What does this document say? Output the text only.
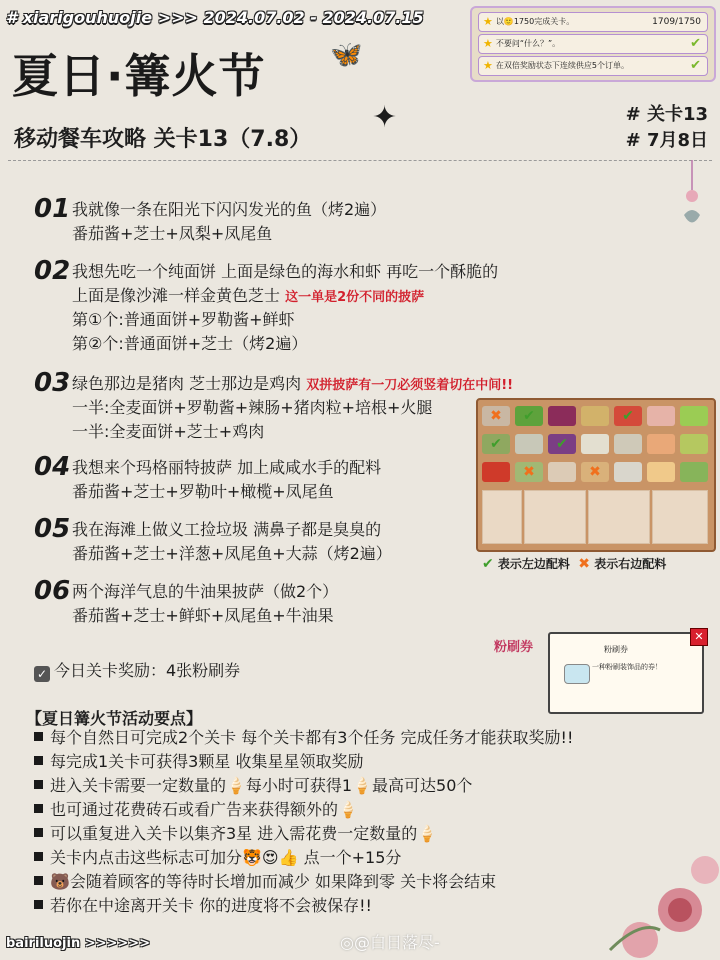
# xiarigouhuojie >>> 2024.07.02 - 2024.07.15
夏日·篝火节
移动餐车攻略 关卡13（7.8）
# 关卡13
# 7月8日
🦋
✦
★ 以🙂1750完成关卡。	1709/1750
★ 不要问“什么？”。	✔
★ 在双倍奖励状态下连续供应5个订单。	✔
01 我就像一条在阳光下闪闪发光的鱼（烤2遍）
番茄酱+芝士+凤梨+凤尾鱼
02 我想先吃一个纯面饼 上面是绿色的海水和虾 再吃一个酥脆的
上面是像沙滩一样金黄色芝士 这一单是2份不同的披萨
第①个:普通面饼+罗勒酱+鲜虾
第②个:普通面饼+芝士（烤2遍）
03 绿色那边是猪肉 芝士那边是鸡肉 双拼披萨有一刀必须竖着切在中间!!
一半:全麦面饼+罗勒酱+辣肠+猪肉粒+培根+火腿
一半:全麦面饼+芝士+鸡肉
04 我想来个玛格丽特披萨 加上咸咸水手的配料
番茄酱+芝士+罗勒叶+橄榄+凤尾鱼
05 我在海滩上做义工捡垃圾 满鼻子都是臭臭的
番茄酱+芝士+洋葱+凤尾鱼+大蒜（烤2遍）
06 两个海洋气息的牛油果披萨（做2个）
番茄酱+芝士+鲜虾+凤尾鱼+牛油果
✖	✔	✔
✔	✔
✖	✖
✔ 表示左边配料 ✖ 表示右边配料
粉刷券	粉刷券
一种粉刷装饰品的券！
✕
✓ 今日关卡奖励：4张粉刷券
【夏日篝火节活动要点】
每个自然日可完成2个关卡 每个关卡都有3个任务 完成任务才能获取奖励!!
每完成1关卡可获得3颗星 收集星星领取奖励
进入关卡需要一定数量的🍦每小时可获得1🍦最高可达50个
也可通过花费砖石或看广告来获得额外的🍦
可以重复进入关卡以集齐3星 进入需花费一定数量的🍦
关卡内点击这些标志可加分🐯😍👍 点一个+15分
🐻会随着顾客的等待时长增加而减少 如果降到零 关卡将会结束
若你在中途离开关卡 你的进度将不会被保存!!
bairiluojin >>>>>>	◎@白日落尽-
